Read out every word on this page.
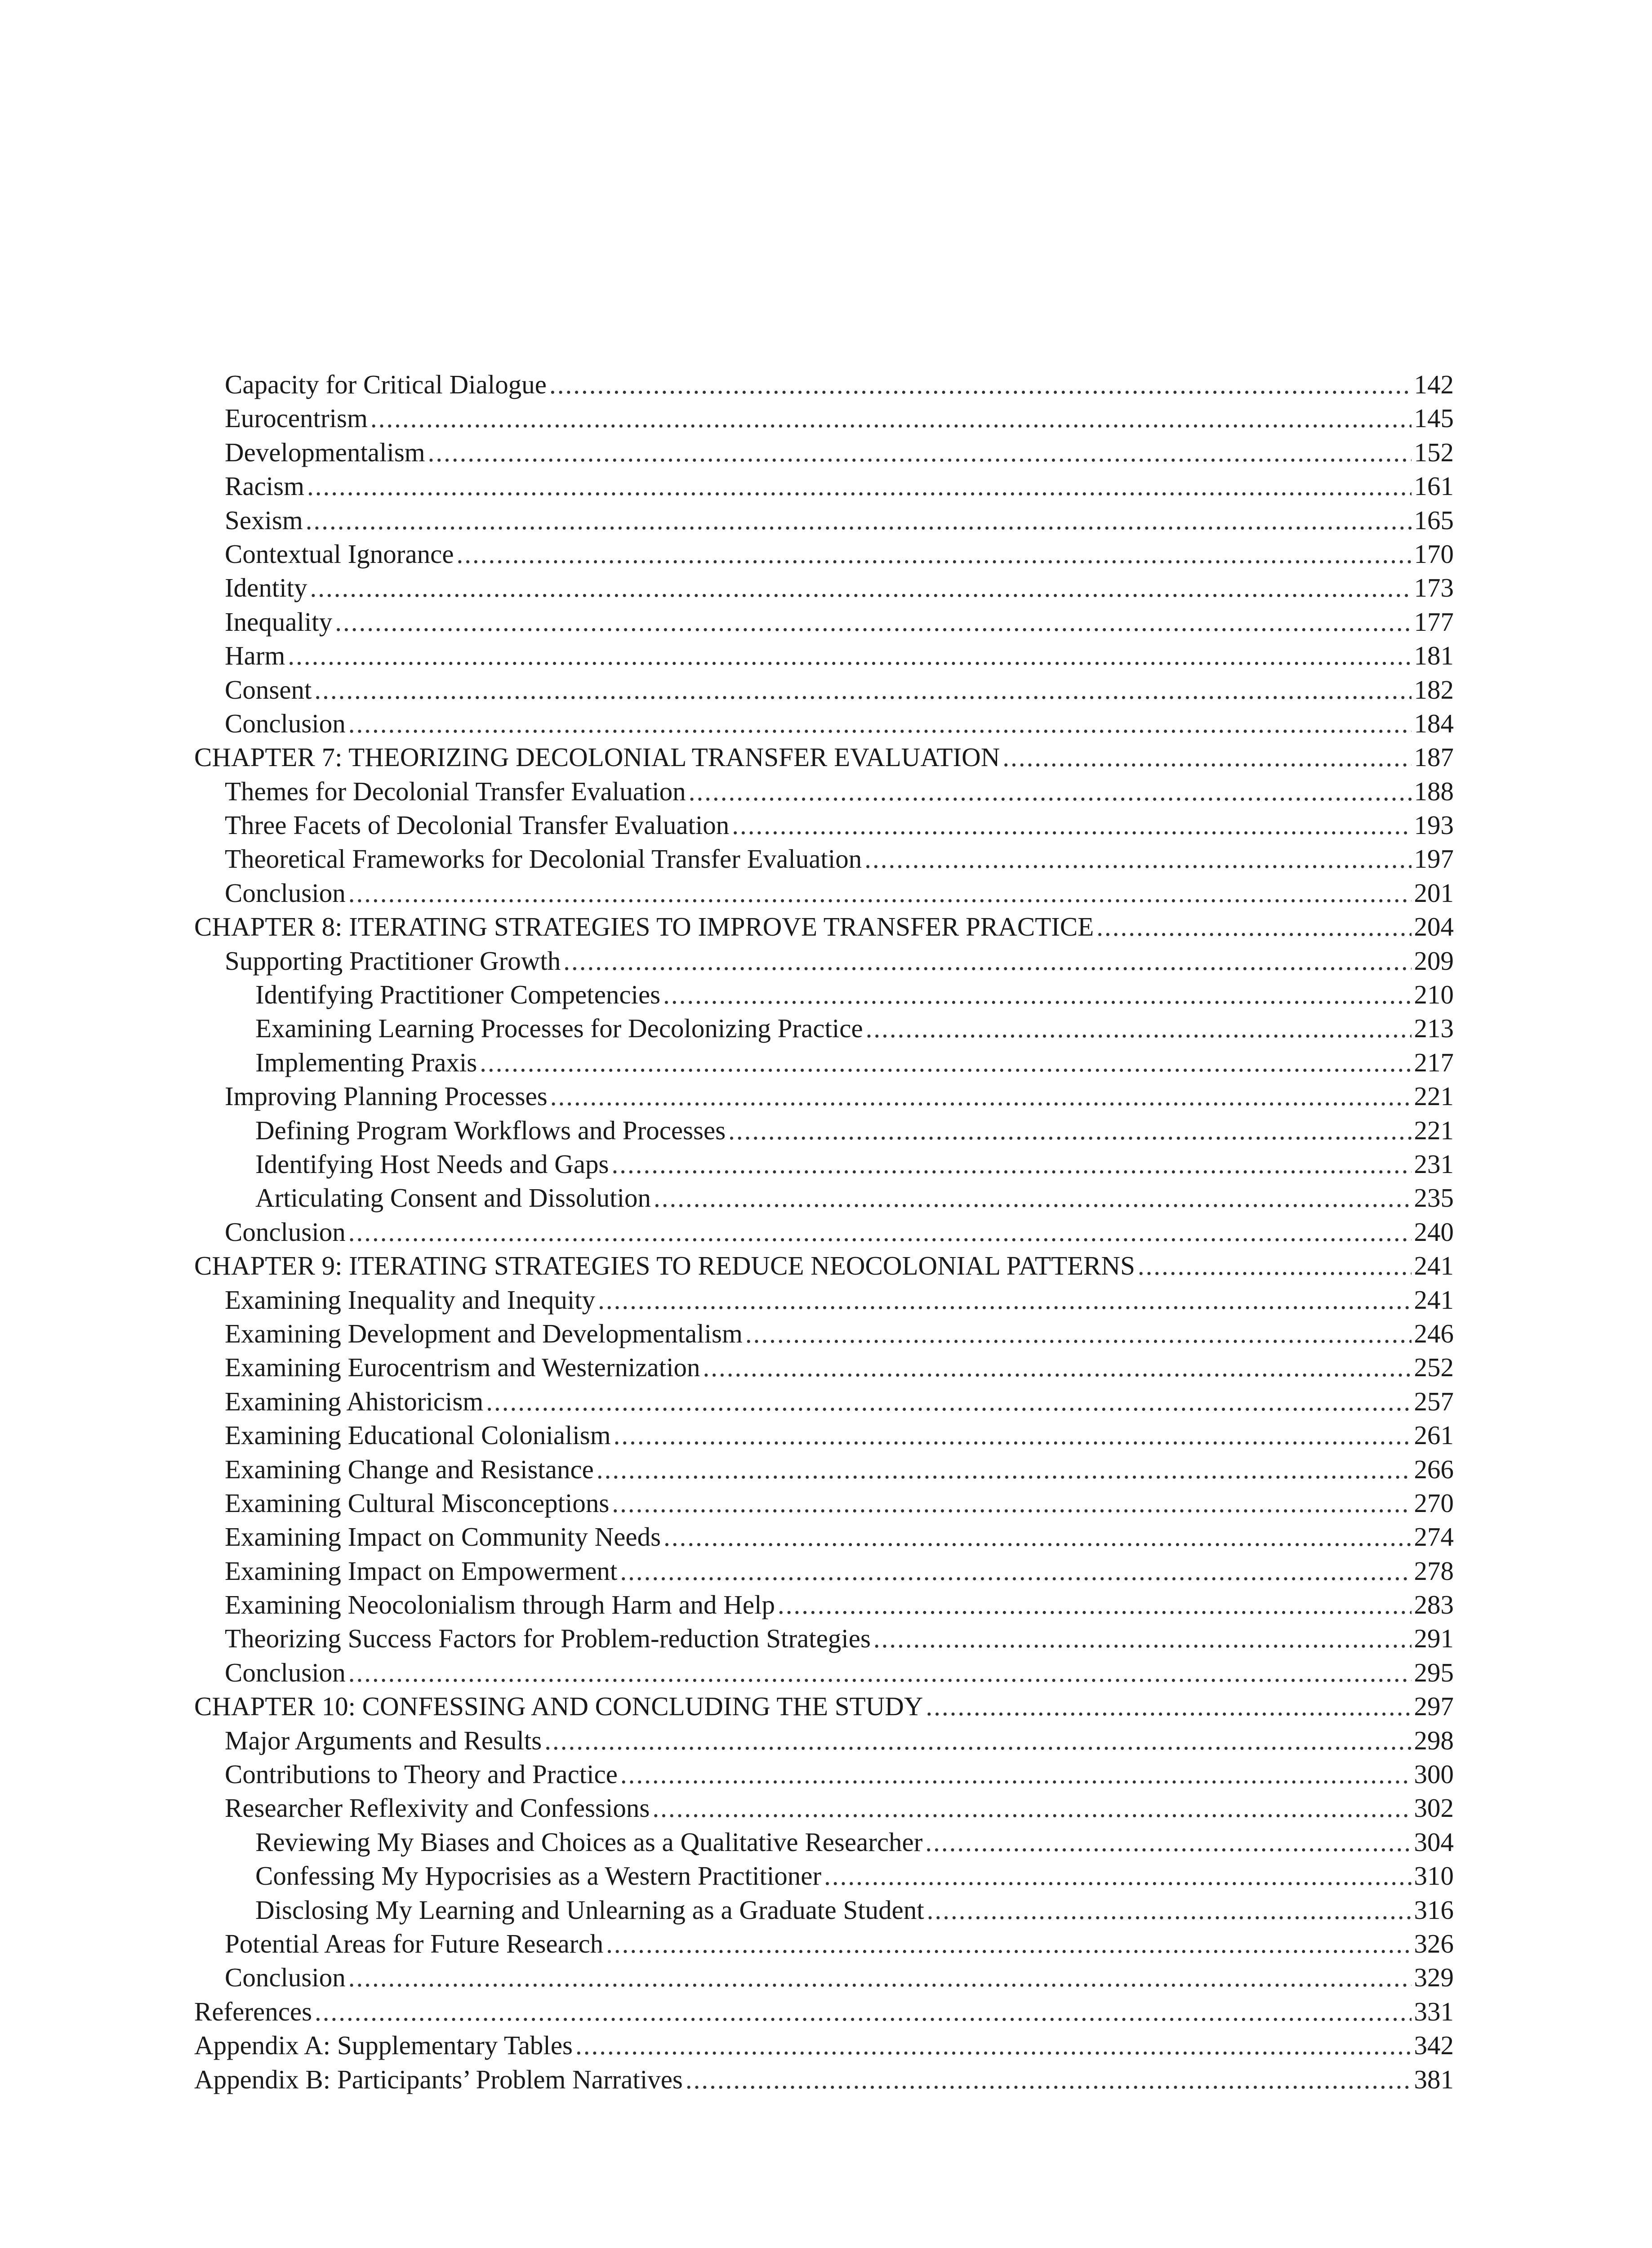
Capacity for Critical Dialogue .....	142
Eurocentrism .....	145
Developmentalism .....	152
Racism .....	161
Sexism .....	165
Contextual Ignorance .....	170
Identity .....	173
Inequality .....	177
Harm .....	181
Consent .....	182
Conclusion .....	184
CHAPTER 7: THEORIZING DECOLONIAL TRANSFER EVALUATION .....	187
Themes for Decolonial Transfer Evaluation .....	188
Three Facets of Decolonial Transfer Evaluation .....	193
Theoretical Frameworks for Decolonial Transfer Evaluation .....	197
Conclusion .....	201
CHAPTER 8: ITERATING STRATEGIES TO IMPROVE TRANSFER PRACTICE .....	204
Supporting Practitioner Growth .....	209
Identifying Practitioner Competencies .....	210
Examining Learning Processes for Decolonizing Practice .....	213
Implementing Praxis .....	217
Improving Planning Processes .....	221
Defining Program Workflows and Processes .....	221
Identifying Host Needs and Gaps .....	231
Articulating Consent and Dissolution .....	235
Conclusion .....	240
CHAPTER 9: ITERATING STRATEGIES TO REDUCE NEOCOLONIAL PATTERNS .....	241
Examining Inequality and Inequity .....	241
Examining Development and Developmentalism .....	246
Examining Eurocentrism and Westernization .....	252
Examining Ahistoricism .....	257
Examining Educational Colonialism .....	261
Examining Change and Resistance .....	266
Examining Cultural Misconceptions .....	270
Examining Impact on Community Needs .....	274
Examining Impact on Empowerment .....	278
Examining Neocolonialism through Harm and Help .....	283
Theorizing Success Factors for Problem-reduction Strategies .....	291
Conclusion .....	295
CHAPTER 10: CONFESSING AND CONCLUDING THE STUDY .....	297
Major Arguments and Results .....	298
Contributions to Theory and Practice .....	300
Researcher Reflexivity and Confessions .....	302
Reviewing My Biases and Choices as a Qualitative Researcher .....	304
Confessing My Hypocrisies as a Western Practitioner .....	310
Disclosing My Learning and Unlearning as a Graduate Student .....	316
Potential Areas for Future Research .....	326
Conclusion .....	329
References .....	331
Appendix A: Supplementary Tables .....	342
Appendix B: Participants’ Problem Narratives .....	381
